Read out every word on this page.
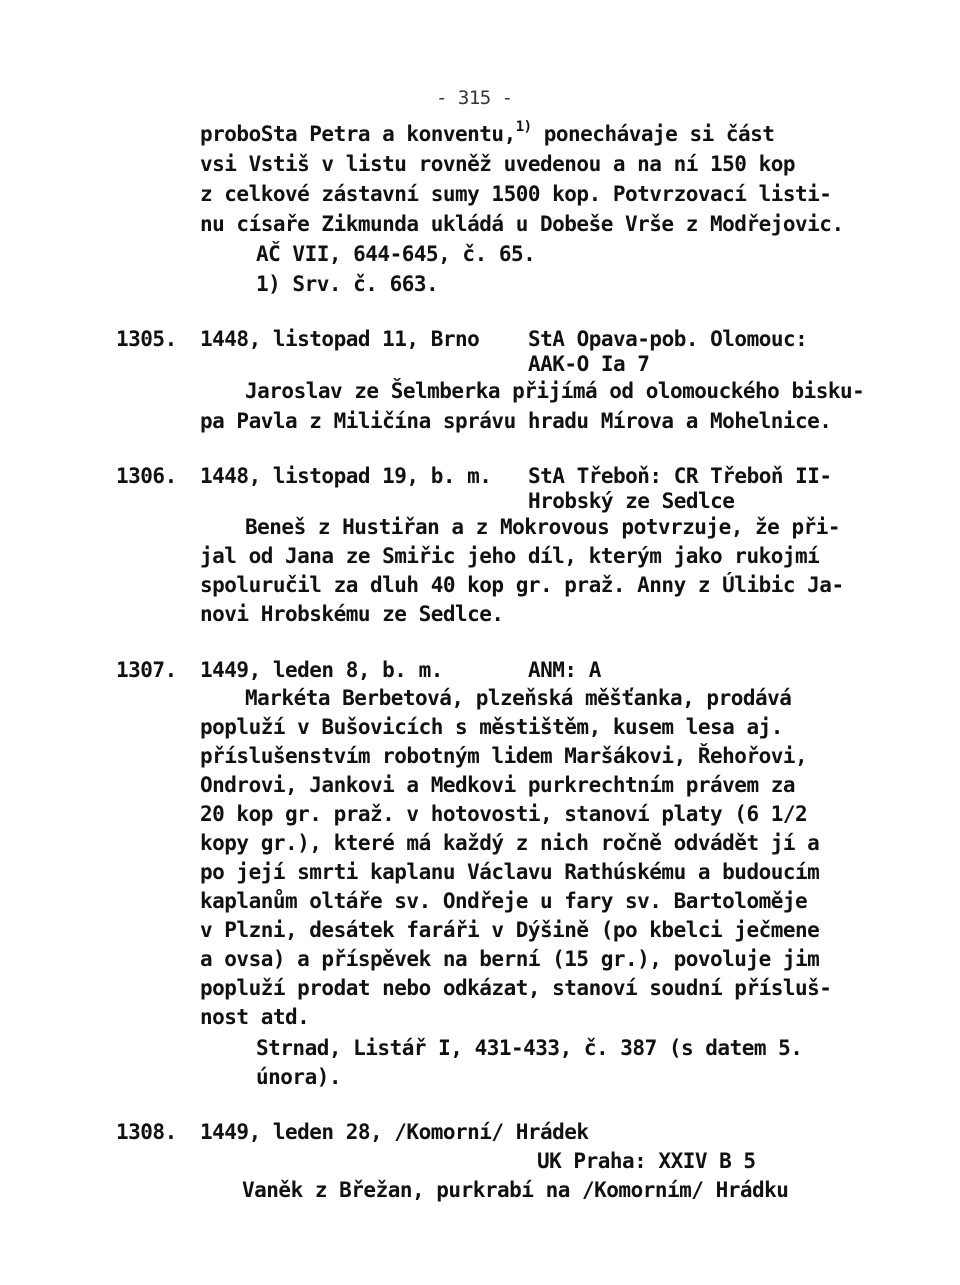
- 315 -
proboSta Petra a konventu,$^{1)}$ ponechávaje si část
vsi Vstiš v listu rovněž uvedenou a na ní 150 kop
z celkové zástavní sumy 1500 kop. Potvrzovací listi-
nu císaře Zikmunda ukládá u Dobeše Vrše z Modřejovic.
AČ VII, 644-645, č. 65.
1) Srv. č. 663.
1305. 1448, listopad 11, Brno StA Opava-pob. Olomouc:
AAK-O Ia 7
Jaroslav ze Šelmberka přijímá od olomouckého bisku-
pa Pavla z Miličína správu hradu Mírova a Mohelnice.
1306. 1448, listopad 19, b. m. StA Třeboň: CR Třeboň II-
Hrobský ze Sedlce
Beneš z Hustiřan a z Mokrovous potvrzuje, že při-
jal od Jana ze Smiřic jeho díl, kterým jako rukojmí
spoluručil za dluh 40 kop gr. praž. Anny z Úlibic Ja-
novi Hrobskému ze Sedlce.
1307. 1449, leden 8, b. m.	ANM: A
Markéta Berbetová, plzeňská měšťanka, prodává
popluží v Bušovicích s městištěm, kusem lesa aj.
příslušenstvím robotným lidem Maršákovi, Řehořovi,
Ondrovi, Jankovi a Medkovi purkrechtním právem za
20 kop gr. praž. v hotovosti, stanoví platy (6 1/2
kopy gr.), které má každý z nich ročně odvádět jí a
po její smrti kaplanu Václavu Rathúskému a budoucím
kaplanům oltáře sv. Ondřeje u fary sv. Bartoloměje
v Plzni, desátek faráři v Dýšině (po kbelci ječmene
a ovsa) a příspěvek na berní (15 gr.), povoluje jim
popluží prodat nebo odkázat, stanoví soudní přísluš-
nost atd.
Strnad, Listář I, 431-433, č. 387 (s datem 5.
února).
1308. 1449, leden 28, /Komorní/ Hrádek
UK Praha: XXIV B 5
Vaněk z Břežan, purkrabí na /Komorním/ Hrádku
